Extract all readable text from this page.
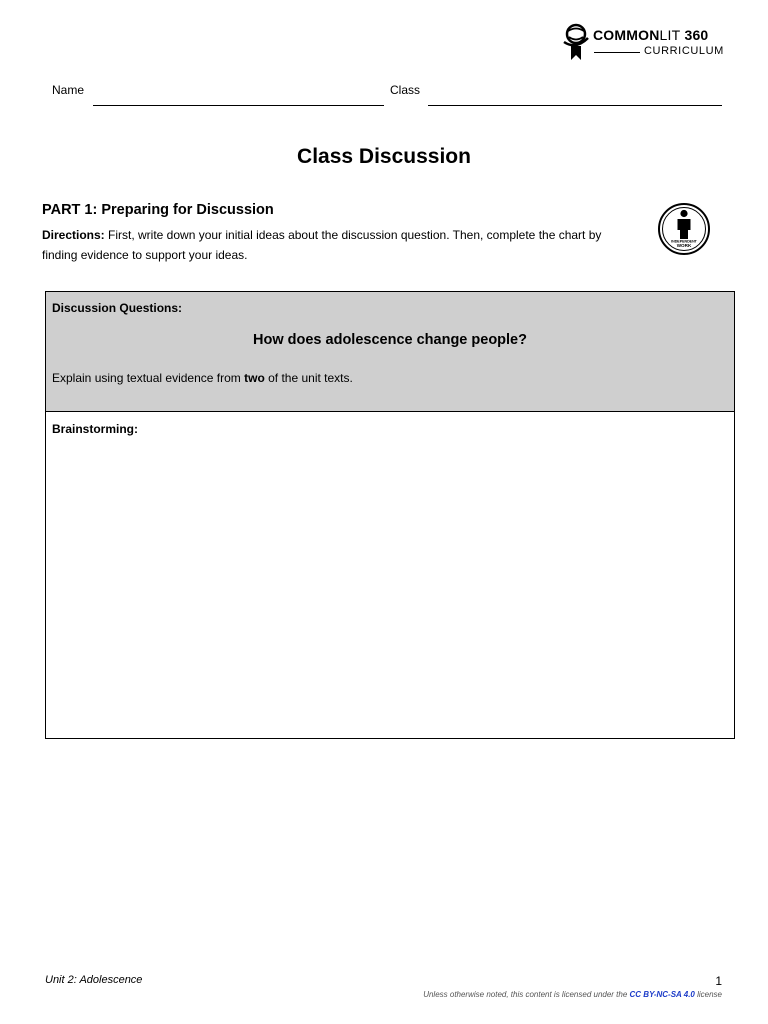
COMMONLIT 360
CURRICULUM
Name	Class
Class Discussion
PART 1: Preparing for Discussion
Directions: First, write down your initial ideas about the discussion question. Then, complete the chart by finding evidence to support your ideas.
INDEPENDENT
WORK
Discussion Questions:
How does adolescence change people?
Explain using textual evidence from two of the unit texts.
Brainstorming:
Unit 2: Adolescence	1
Unless otherwise noted, this content is licensed under the CC BY-NC-SA 4.0 license
